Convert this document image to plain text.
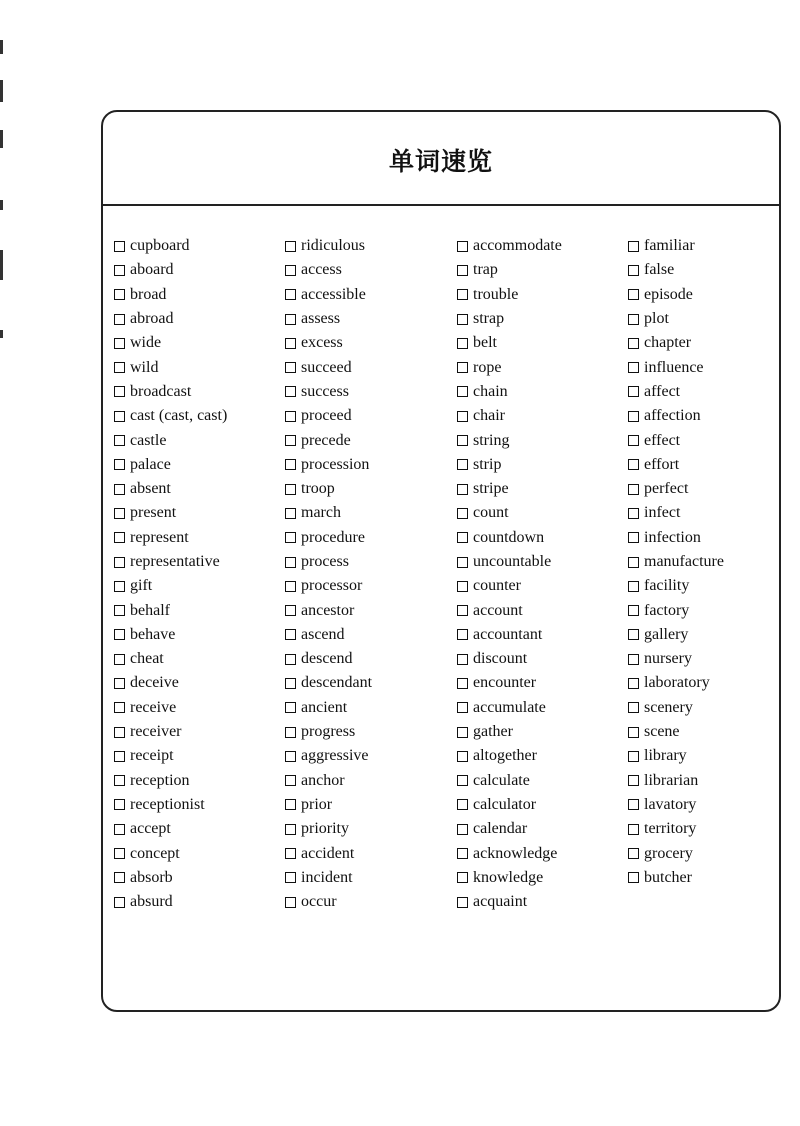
单词速览
cupboard
aboard
broad
abroad
wide
wild
broadcast
cast (cast, cast)
castle
palace
absent
present
represent
representative
gift
behalf
behave
cheat
deceive
receive
receiver
receipt
reception
receptionist
accept
concept
absorb
absurd
ridiculous
access
accessible
assess
excess
succeed
success
proceed
precede
procession
troop
march
procedure
process
processor
ancestor
ascend
descend
descendant
ancient
progress
aggressive
anchor
prior
priority
accident
incident
occur
accommodate
trap
trouble
strap
belt
rope
chain
chair
string
strip
stripe
count
countdown
uncountable
counter
account
accountant
discount
encounter
accumulate
gather
altogether
calculate
calculator
calendar
acknowledge
knowledge
acquaint
familiar
false
episode
plot
chapter
influence
affect
affection
effect
effort
perfect
infect
infection
manufacture
facility
factory
gallery
nursery
laboratory
scenery
scene
library
librarian
lavatory
territory
grocery
butcher
